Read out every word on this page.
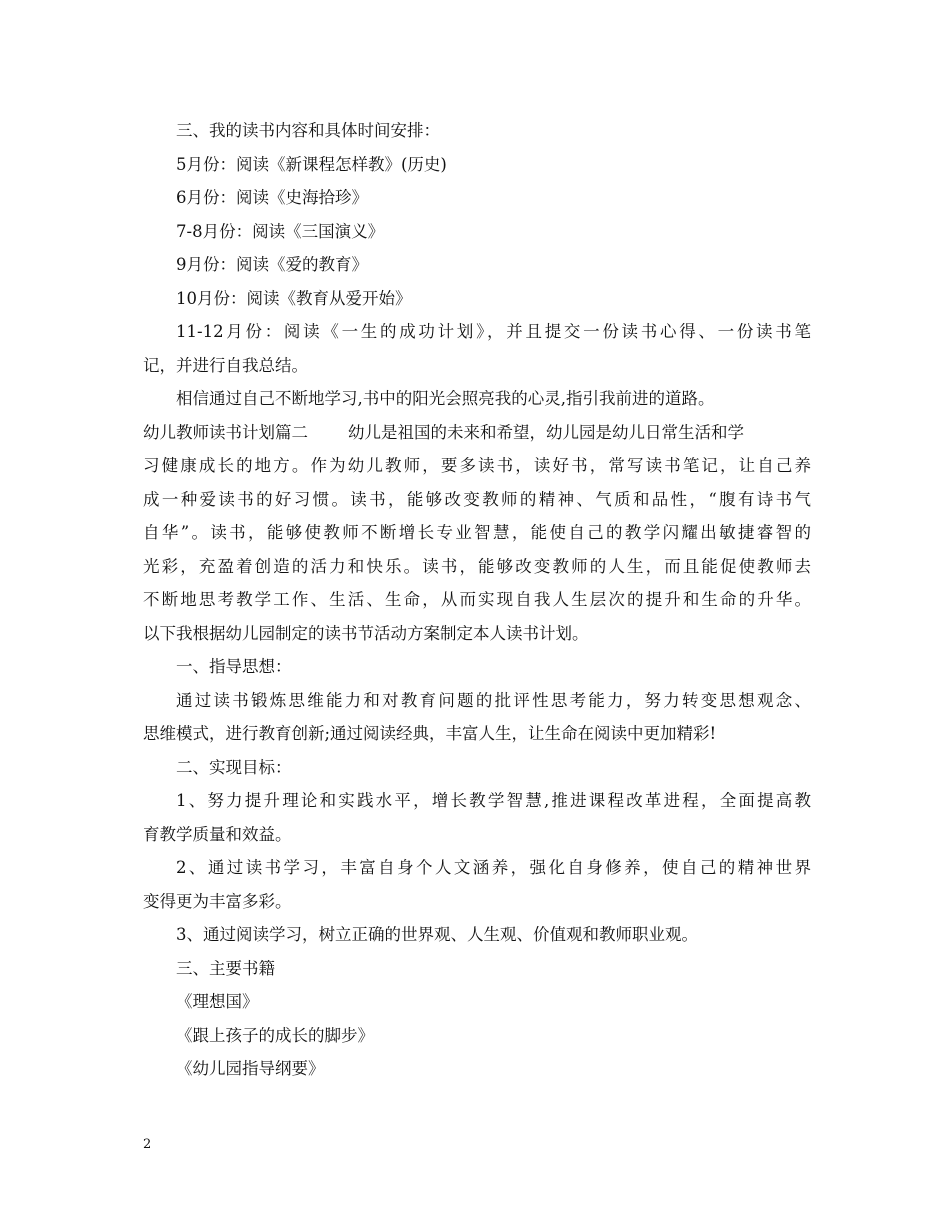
三、我的读书内容和具体时间安排：
5月份：阅读《新课程怎样教》(历史)
6月份：阅读《史海拾珍》
7-8月份：阅读《三国演义》
9月份：阅读《爱的教育》
10月份：阅读《教育从爱开始》
11-12月份：阅读《一生的成功计划》，并且提交一份读书心得、一份读书笔
记，并进行自我总结。
相信通过自己不断地学习,书中的阳光会照亮我的心灵,指引我前进的道路。
幼儿教师读书计划篇二 幼儿是祖国的未来和希望，幼儿园是幼儿日常生活和学
习健康成长的地方。作为幼儿教师，要多读书，读好书，常写读书笔记，让自己养
成一种爱读书的好习惯。读书，能够改变教师的精神、气质和品性，“腹有诗书气
自华”。读书，能够使教师不断增长专业智慧，能使自己的教学闪耀出敏捷睿智的
光彩，充盈着创造的活力和快乐。读书，能够改变教师的人生，而且能促使教师去
不断地思考教学工作、生活、生命，从而实现自我人生层次的提升和生命的升华。
以下我根据幼儿园制定的读书节活动方案制定本人读书计划。
一、指导思想：
通过读书锻炼思维能力和对教育问题的批评性思考能力，努力转变思想观念、
思维模式，进行教育创新;通过阅读经典，丰富人生，让生命在阅读中更加精彩!
二、实现目标：
1、努力提升理论和实践水平，增长教学智慧,推进课程改革进程，全面提高教
育教学质量和效益。
2、通过读书学习，丰富自身个人文涵养，强化自身修养，使自己的精神世界
变得更为丰富多彩。
3、通过阅读学习，树立正确的世界观、人生观、价值观和教师职业观。
三、主要书籍
《理想国》
《跟上孩子的成长的脚步》
《幼儿园指导纲要》
2
